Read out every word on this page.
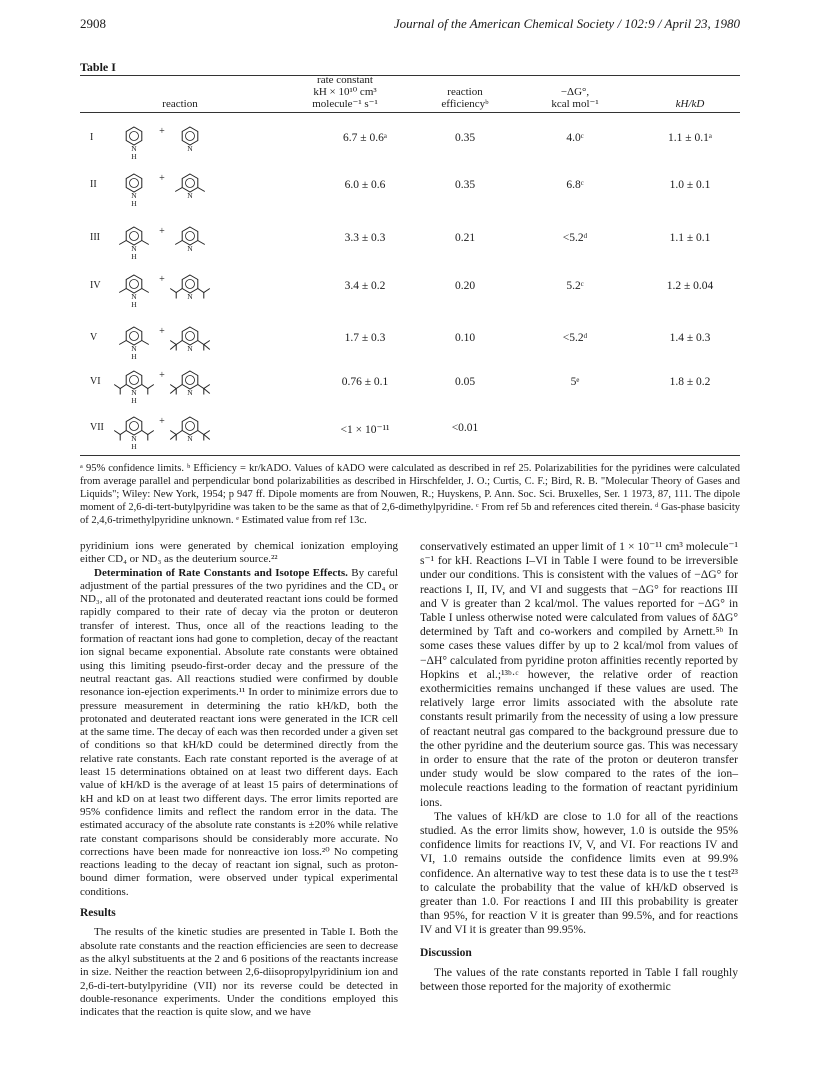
2908	Journal of the American Chemical Society / 102:9 / April 23, 1980
Table I
reaction
rate constant
kH × 10¹⁰ cm³
molecule⁻¹ s⁻¹
reaction
efficiencyᵇ
−ΔG°,
kcal mol⁻¹	kH/kD
I
N
H
+
N
6.7 ± 0.6ᵃ	0.35	4.0ᶜ	1.1 ± 0.1ᵃ
II
N
H
+
N
6.0 ± 0.6	0.35	6.8ᶜ	1.0 ± 0.1
III
N
H
+
N
3.3 ± 0.3	0.21	<5.2ᵈ	1.1 ± 0.1
IV
N
H
+
N
3.4 ± 0.2	0.20	5.2ᶜ	1.2 ± 0.04
V
N
H
+
N
1.7 ± 0.3	0.10	<5.2ᵈ	1.4 ± 0.3
VI
N
H
+
N
0.76 ± 0.1	0.05	5ᵉ	1.8 ± 0.2
VII
N
H
+
N
<1 × 10⁻¹¹	<0.01
ᵃ 95% confidence limits. ᵇ Efficiency = kr/kADO. Values of kADO were calculated as described in ref 25. Polarizabilities for the pyridines were calculated from average parallel and perpendicular bond polarizabilities as described in Hirschfelder, J. O.; Curtis, C. F.; Bird, R. B. "Molecular Theory of Gases and Liquids"; Wiley: New York, 1954; p 947 ff. Dipole moments are from Nouwen, R.; Huyskens, P. Ann. Soc. Sci. Bruxelles, Ser. 1 1973, 87, 111. The dipole moment of 2,6-di-tert-butylpyridine was taken to be the same as that of 2,6-dimethylpyridine. ᶜ From ref 5b and references cited therein. ᵈ Gas-phase basicity of 2,4,6-trimethylpyridine unknown. ᵉ Estimated value from ref 13c.

pyridinium ions were generated by chemical ionization employing either CD₄ or ND₃ as the deuterium source.²²

Determination of Rate Constants and Isotope Effects. By careful adjustment of the partial pressures of the two pyridines and the CD₄ or ND₃, all of the protonated and deuterated reactant ions could be formed rapidly compared to their rate of decay via the proton or deuteron transfer of interest. Thus, once all of the reactions leading to the formation of reactant ions had gone to completion, decay of the reactant ion signal became exponential. Absolute rate constants were obtained using this limiting pseudo-first-order decay and the pressure of the neutral reactant gas. All reactions studied were confirmed by double resonance ion-ejection experiments.¹¹ In order to minimize errors due to pressure measurement in determining the ratio kH/kD, both the protonated and deuterated reactant ions were generated in the ICR cell at the same time. The decay of each was then recorded under a given set of conditions so that kH/kD could be determined directly from the relative rate constants. Each rate constant reported is the average of at least 15 determinations obtained on at least two different days. Each value of kH/kD is the average of at least 15 pairs of determinations of kH and kD on at least two different days. The error limits reported are 95% confidence limits and reflect the random error in the data. The estimated accuracy of the absolute rate constants is ±20% while relative rate constant comparisons should be considerably more accurate. No corrections have been made for nonreactive ion loss.²⁰ No competing reactions leading to the decay of reactant ion signal, such as proton-bound dimer formation, were observed under typical experimental conditions.

Results

The results of the kinetic studies are presented in Table I. Both the absolute rate constants and the reaction efficiencies are seen to decrease as the alkyl substituents at the 2 and 6 positions of the reactants increase in size. Neither the reaction between 2,6-diisopropylpyridinium ion and 2,6-di-tert-butylpyridine (VII) nor its reverse could be detected in double-resonance experiments. Under the conditions employed this indicates that the reaction is quite slow, and we have

conservatively estimated an upper limit of 1 × 10⁻¹¹ cm³ molecule⁻¹ s⁻¹ for kH. Reactions I–VI in Table I were found to be irreversible under our conditions. This is consistent with the values of −ΔG° for reactions I, II, IV, and VI and suggests that −ΔG° for reactions III and V is greater than 2 kcal/mol. The values reported for −ΔG° in Table I unless otherwise noted were calculated from values of δΔG° determined by Taft and co-workers and compiled by Arnett.⁵ᵇ In some cases these values differ by up to 2 kcal/mol from values of −ΔH° calculated from pyridine proton affinities recently reported by Hopkins et al.;¹³ᵇ·ᶜ however, the relative order of reaction exothermicities remains unchanged if these values are used. The relatively large error limits associated with the absolute rate constants result primarily from the necessity of using a low pressure of reactant neutral gas compared to the background pressure due to the other pyridine and the deuterium source gas. This was necessary in order to ensure that the rate of the proton or deuteron transfer under study would be slow compared to the rates of the ion–molecule reactions leading to the formation of reactant pyridinium ions.

The values of kH/kD are close to 1.0 for all of the reactions studied. As the error limits show, however, 1.0 is outside the 95% confidence limits for reactions IV, V, and VI. For reactions IV and VI, 1.0 remains outside the confidence limits even at 99.9% confidence. An alternative way to test these data is to use the t test²³ to calculate the probability that the value of kH/kD observed is greater than 1.0. For reactions I and III this probability is greater than 95%, for reaction V it is greater than 99.5%, and for reactions IV and VI it is greater than 99.95%.

Discussion

The values of the rate constants reported in Table I fall roughly between those reported for the majority of exothermic
